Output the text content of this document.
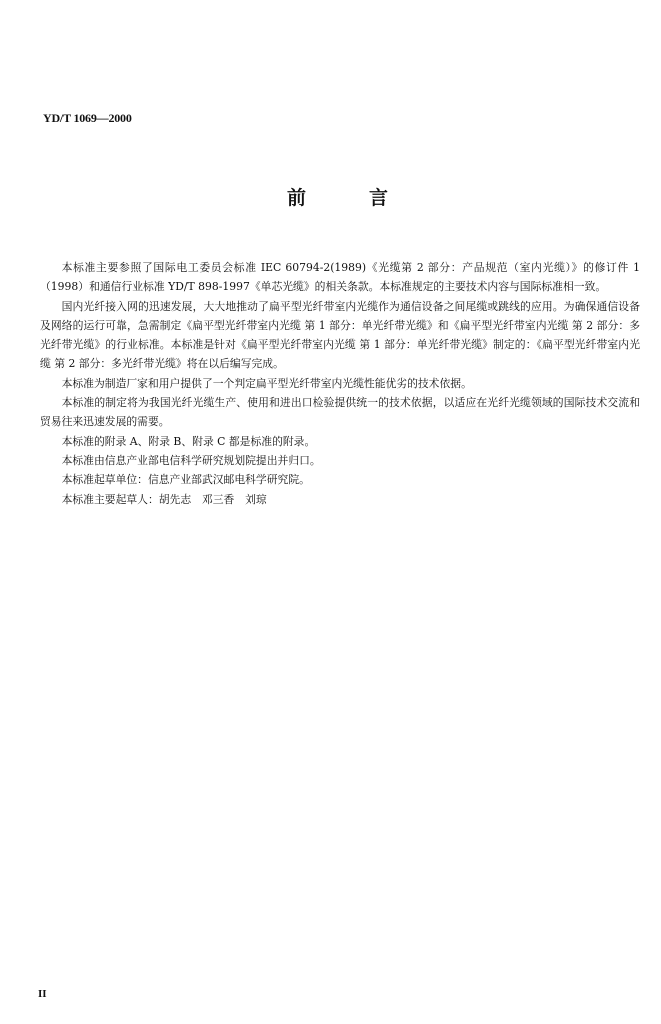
YD/T 1069—2000
前	言

本标准主要参照了国际电工委员会标准 IEC 60794-2(1989)《光缆第 2 部分：产品规范（室内光缆）》的修订件 1（1998）和通信行业标准 YD/T 898-1997《单芯光缆》的相关条款。本标准规定的主要技术内容与国际标准相一致。

国内光纤接入网的迅速发展，大大地推动了扁平型光纤带室内光缆作为通信设备之间尾缆或跳线的应用。为确保通信设备及网络的运行可靠，急需制定《扁平型光纤带室内光缆 第 1 部分：单光纤带光缆》和《扁平型光纤带室内光缆 第 2 部分：多光纤带光缆》的行业标准。本标准是针对《扁平型光纤带室内光缆 第 1 部分：单光纤带光缆》制定的：《扁平型光纤带室内光缆 第 2 部分：多光纤带光缆》将在以后编写完成。

本标准为制造厂家和用户提供了一个判定扁平型光纤带室内光缆性能优劣的技术依据。

本标准的制定将为我国光纤光缆生产、使用和进出口检验提供统一的技术依据，以适应在光纤光缆领域的国际技术交流和贸易往来迅速发展的需要。

本标准的附录 A、附录 B、附录 C 都是标准的附录。

本标准由信息产业部电信科学研究规划院提出并归口。

本标准起草单位：信息产业部武汉邮电科学研究院。

本标准主要起草人：胡先志　邓三香　刘琼

II
